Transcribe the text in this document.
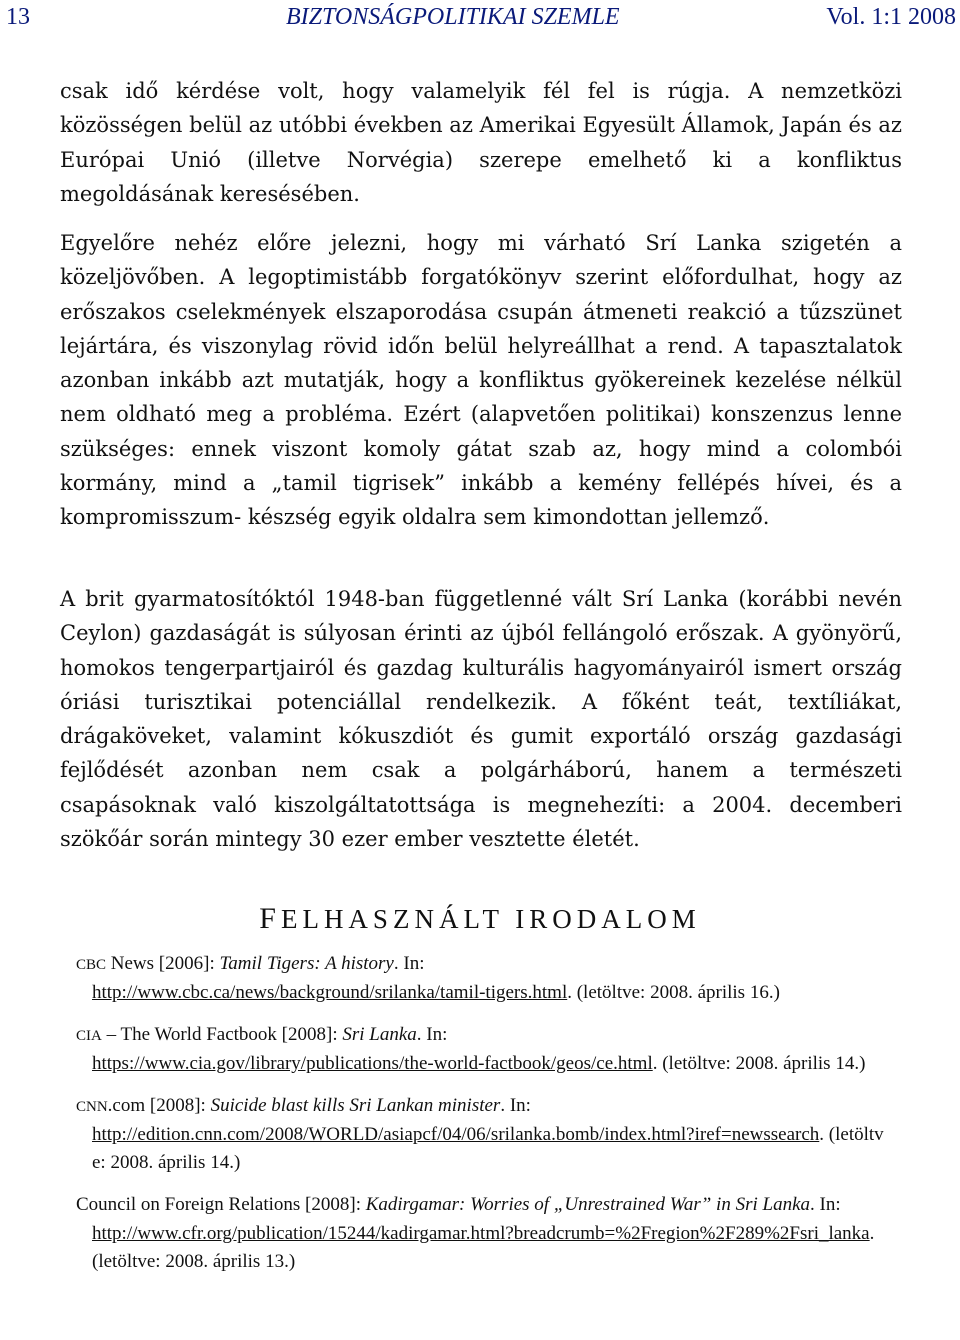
13	BIZTONSÁGPOLITIKAI SZEMLE	Vol. 1:1 2008

csak idő kérdése volt, hogy valamelyik fél fel is rúgja. A nemzetközi közösségen belül az utóbbi években az Amerikai Egyesült Államok, Japán és az Európai Unió (illetve Norvégia) szerepe emelhető ki a konfliktus megoldásának keresésében.

Egyelőre nehéz előre jelezni, hogy mi várható Srí Lanka szigetén a közeljövőben. A legoptimistább forgatókönyv szerint előfordulhat, hogy az erőszakos cselekmények elszaporodása csupán átmeneti reakció a tűzszünet lejártára, és viszonylag rövid időn belül helyreállhat a rend. A tapasztalatok azonban inkább azt mutatják, hogy a konfliktus gyökereinek kezelése nélkül nem oldható meg a probléma. Ezért (alapvetően politikai) konszenzus lenne szükséges: ennek viszont komoly gátat szab az, hogy mind a colombói kormány, mind a „tamil tigrisek” inkább a kemény fellépés hívei, és a kompromisszum- készség egyik oldalra sem kimondottan jellemző.

A brit gyarmatosítóktól 1948-ban függetlenné vált Srí Lanka (korábbi nevén Ceylon) gazdaságát is súlyosan érinti az újból fellángoló erőszak. A gyönyörű, homokos tengerpartjairól és gazdag kulturális hagyományairól ismert ország óriási turisztikai potenciállal rendelkezik. A főként teát, textíliákat, drágaköveket, valamint kókuszdiót és gumit exportáló ország gazdasági fejlődését azonban nem csak a polgárháború, hanem a természeti csapásoknak való kiszolgáltatottsága is megnehezíti: a 2004. decemberi szökőár során mintegy 30 ezer ember vesztette életét.

FELHASZNÁLT IRODALOM
CBC News [2006]: Tamil Tigers: A history. In:
http://www.cbc.ca/news/background/srilanka/tamil-tigers.html. (letöltve: 2008. április 16.)
CIA – The World Factbook [2008]: Sri Lanka. In:
https://www.cia.gov/library/publications/the-world-factbook/geos/ce.html. (letöltve: 2008. április 14.)
CNN.com [2008]: Suicide blast kills Sri Lankan minister. In:
http://edition.cnn.com/2008/WORLD/asiapcf/04/06/srilanka.bomb/index.html?iref=newssearch. (letöltve: 2008. április 14.)
Council on Foreign Relations [2008]: Kadirgamar: Worries of „Unrestrained War” in Sri Lanka. In:
http://www.cfr.org/publication/15244/kadirgamar.html?breadcrumb=%2Fregion%2F289%2Fsri_lanka. (letöltve: 2008. április 13.)
